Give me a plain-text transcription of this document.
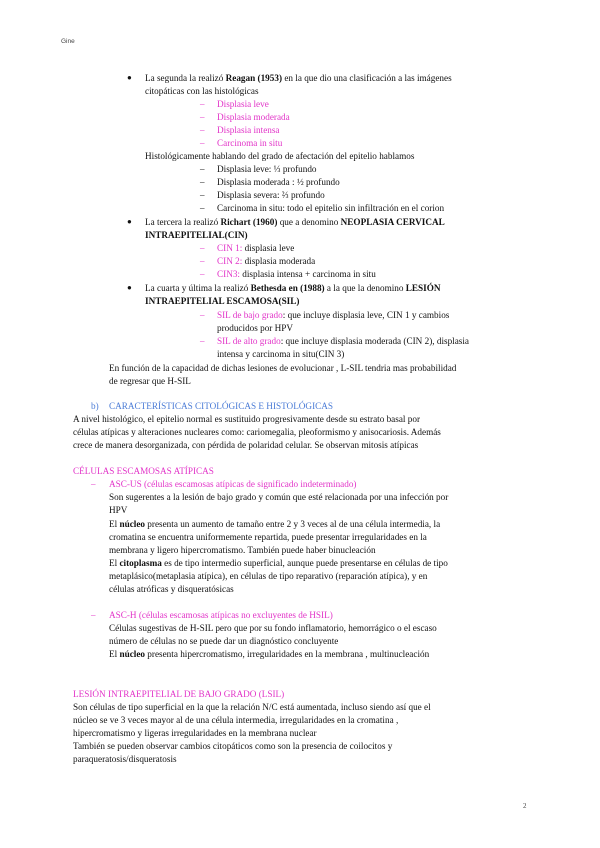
Gine
● La segunda la realizó Reagan (1953) en la que dio una clasificación a las imágenes
citopáticas con las histológicas
– Displasia leve
– Displasia moderada
– Displasia intensa
– Carcinoma in situ
Histológicamente hablando del grado de afectación del epitelio hablamos
– Displasia leve: ⅓ profundo
– Displasia moderada : ½ profundo
– Displasia severa: ⅔ profundo
– Carcinoma in situ: todo el epitelio sin infiltración en el corion
● La tercera la realizó Richart (1960) que a denomino NEOPLASIA CERVICAL
INTRAEPITELIAL(CIN)
– CIN 1: displasia leve
– CIN 2: displasia moderada
– CIN3: displasia intensa + carcinoma in situ
● La cuarta y última la realizó Bethesda en (1988) a la que la denomino LESIÓN
INTRAEPITELIAL ESCAMOSA(SIL)
– SIL de bajo grado: que incluye displasia leve, CIN 1 y cambios
producidos por HPV
– SIL de alto grado: que incluye displasia moderada (CIN 2), displasia
intensa y carcinoma in situ(CIN 3)
En función de la capacidad de dichas lesiones de evolucionar , L-SIL tendria mas probabilidad
de regresar que H-SIL
b) CARACTERÍSTICAS CITOLÓGICAS E HISTOLÓGICAS
A nivel histológico, el epitelio normal es sustituido progresivamente desde su estrato basal por
células atípicas y alteraciones nucleares como: cariomegalia, pleoformismo y anisocariosis. Además
crece de manera desorganizada, con pérdida de polaridad celular. Se observan mitosis atípicas
CÉLULAS ESCAMOSAS ATÍPICAS
– ASC-US (células escamosas atípicas de significado indeterminado)
Son sugerentes a la lesión de bajo grado y común que esté relacionada por una infección por
HPV
El núcleo presenta un aumento de tamaño entre 2 y 3 veces al de una célula intermedia, la
cromatina se encuentra uniformemente repartida, puede presentar irregularidades en la
membrana y ligero hipercromatismo. También puede haber binucleación
El citoplasma es de tipo intermedio superficial, aunque puede presentarse en células de tipo
metaplásico(metaplasia atípica), en células de tipo reparativo (reparación atípica), y en
células atróficas y disqueratósicas
– ASC-H (células escamosas atípicas no excluyentes de HSIL)
Células sugestivas de H-SIL pero que por su fondo inflamatorio, hemorrágico o el escaso
número de células no se puede dar un diagnóstico concluyente
El núcleo presenta hipercromatismo, irregularidades en la membrana , multinucleación
LESIÓN INTRAEPITELIAL DE BAJO GRADO (LSIL)
Son células de tipo superficial en la que la relación N/C está aumentada, incluso siendo así que el
núcleo se ve 3 veces mayor al de una célula intermedia, irregularidades en la cromatina ,
hipercromatismo y ligeras irregularidades en la membrana nuclear
También se pueden observar cambios citopáticos como son la presencia de coilocitos y
paraqueratosis/disqueratosis
2
